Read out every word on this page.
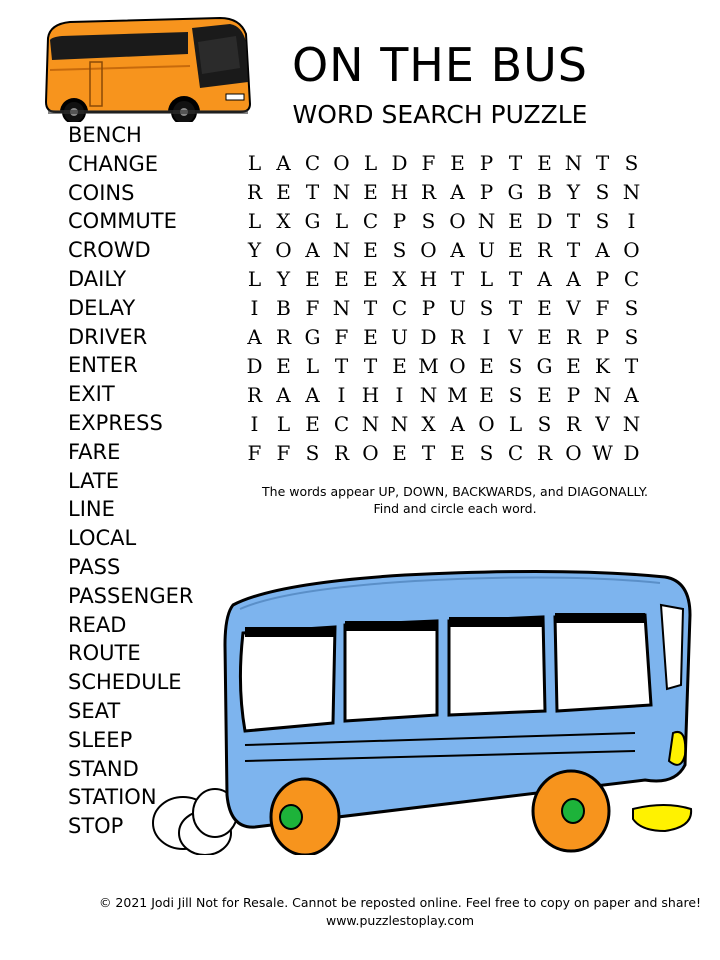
ON THE BUS
WORD SEARCH PUZZLE
BENCH
CHANGE
COINS
COMMUTE
CROWD
DAILY
DELAY
DRIVER
ENTER
EXIT
EXPRESS
FARE
LATE
LINE
LOCAL
PASS
PASSENGER
READ
ROUTE
SCHEDULE
SEAT
SLEEP
STAND
STATION
STOP
L	A	C	O	L	D	F	E	P	T	E	N	T	S
R	E	T	N	E	H	R	A	P	G	B	Y	S	N
L	X	G	L	C	P	S	O	N	E	D	T	S	I
Y	O	A	N	E	S	O	A	U	E	R	T	A	O
L	Y	E	E	E	X	H	T	L	T	A	A	P	C
I	B	F	N	T	C	P	U	S	T	E	V	F	S
A	R	G	F	E	U	D	R	I	V	E	R	P	S
D	E	L	T	T	E	M	O	E	S	G	E	K	T
R	A	A	I	H	I	N	M	E	S	E	P	N	A
I	L	E	C	N	N	X	A	O	L	S	R	V	N
F	F	S	R	O	E	T	E	S	C	R	O	W	D
The words appear UP, DOWN, BACKWARDS, and DIAGONALLY.
Find and circle each word.
© 2021 Jodi Jill Not for Resale. Cannot be reposted online. Feel free to copy on paper and share!
www.puzzlestoplay.com
